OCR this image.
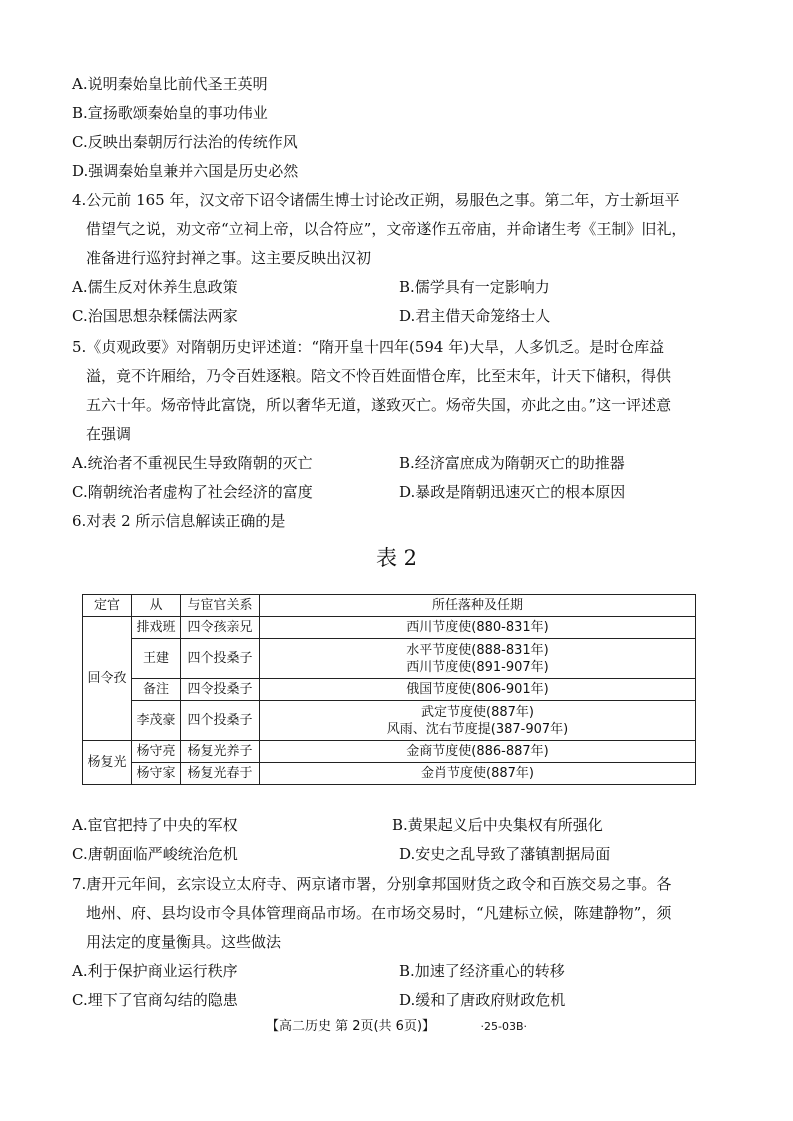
A.说明秦始皇比前代圣王英明
B.宣扬歌颂秦始皇的事功伟业
C.反映出秦朝厉行法治的传统作风
D.强调秦始皇兼并六国是历史必然
4.公元前 165 年，汉文帝下诏令诸儒生博士讨论改正朔，易服色之事。第二年，方士新垣平
借望气之说，劝文帝“立祠上帝，以合符应”，文帝遂作五帝庙，并命诸生考《王制》旧礼，
准备进行巡狩封禅之事。这主要反映出汉初
A.儒生反对休养生息政策	B.儒学具有一定影响力
C.治国思想杂糅儒法两家	D.君主借天命笼络士人
5.《贞观政要》对隋朝历史评述道：“隋开皇十四年(594 年)大旱，人多饥乏。是时仓库益
溢，竟不许厢给，乃令百姓逐粮。陪文不怜百姓面惜仓库，比至末年，计天下储积，得供
五六十年。炀帝恃此富饶，所以奢华无道，遂致灭亡。炀帝失国，亦此之由。”这一评述意
在强调
A.统治者不重视民生导致隋朝的灭亡	B.经济富庶成为隋朝灭亡的助推器
C.隋朝统治者虚构了社会经济的富度	D.暴政是隋朝迅速灭亡的根本原因
6.对表 2 所示信息解读正确的是
表 2
定官	从	与宦官关系	所任落种及任期
回令孜	排戏班	四令孩亲兄	西川节度使(880-831年)

	王建	四个投桑子	水平节度使(888-831年)
西川节度使(891-907年)

	备注	四令投桑子	俄国节度使(806-901年)

	李茂豪	四个投桑子	武定节度使(887年)
风雨、沈右节度提(387-907年)

杨复光	杨守亮	杨复光养子	金商节度使(886-887年)

	杨守家	杨复光春于	金肖节度使(887年)
A.宦官把持了中央的军权	B.黄果起义后中央集权有所强化
C.唐朝面临严峻统治危机	D.安史之乱导致了藩镇割据局面
7.唐开元年间，玄宗设立太府寺、两京诸市署，分别拿邦国财货之政令和百族交易之事。各
地州、府、县均设市令具体管理商品市场。在市场交易时，“凡建标立候，陈建静物”，须
用法定的度量衡具。这些做法
A.利于保护商业运行秩序	B.加速了经济重心的转移
C.埋下了官商勾结的隐患	D.缓和了唐政府财政危机
【高二历史 第 2页(共 6页)】	·25-03B·
